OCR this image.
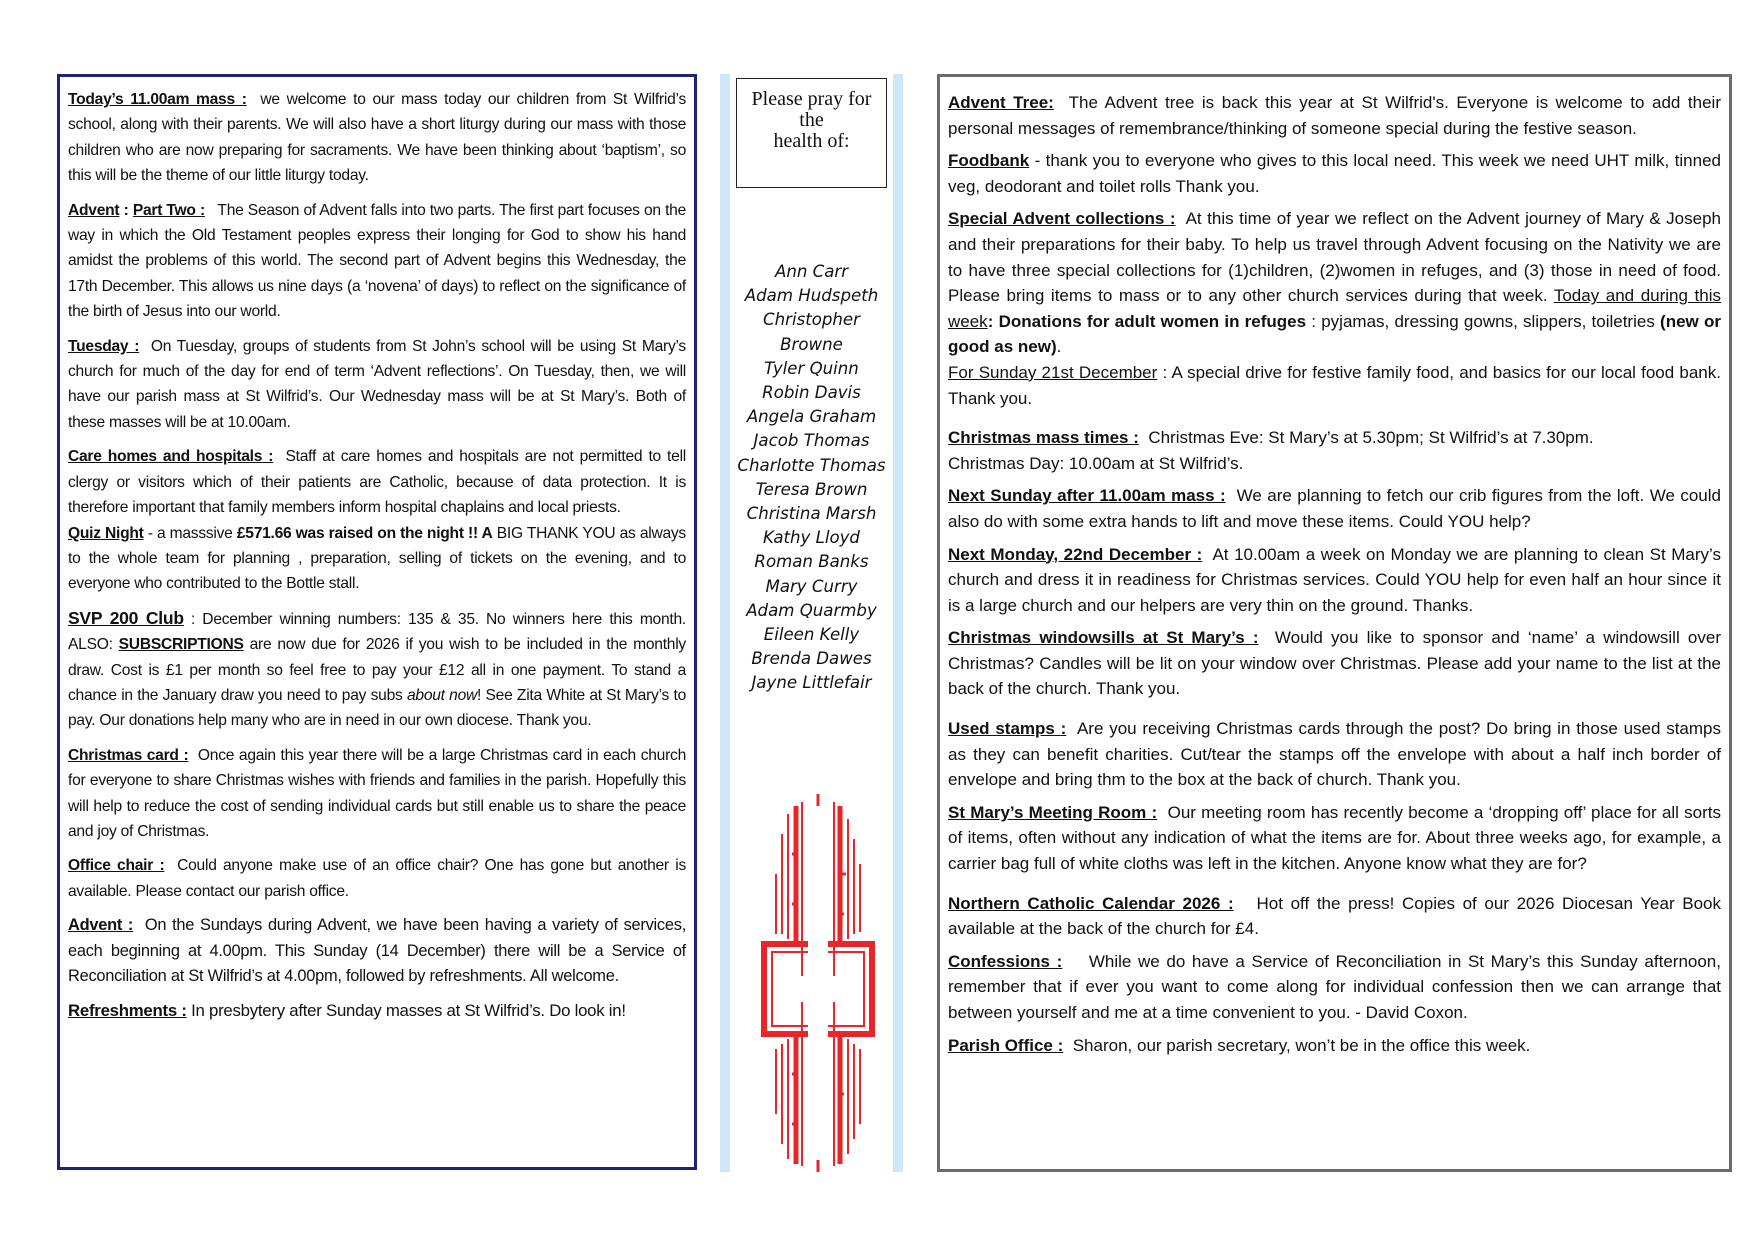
Today’s 11.00am mass : we welcome to our mass today our children from St Wilfrid’s school, along with their parents. We will also have a short liturgy during our mass with those children who are now preparing for sacraments. We have been thinking about ‘baptism’, so this will be the theme of our little liturgy today.

Advent : Part Two : The Season of Advent falls into two parts. The first part focuses on the way in which the Old Testament peoples express their longing for God to show his hand amidst the problems of this world. The second part of Advent begins this Wednesday, the 17th December. This allows us nine days (a ‘novena’ of days) to reflect on the significance of the birth of Jesus into our world.

Tuesday : On Tuesday, groups of students from St John’s school will be using St Mary’s church for much of the day for end of term ‘Advent reflections’. On Tuesday, then, we will have our parish mass at St Wilfrid’s. Our Wednesday mass will be at St Mary’s. Both of these masses will be at 10.00am.

Care homes and hospitals : Staff at care homes and hospitals are not permitted to tell clergy or visitors which of their patients are Catholic, because of data protection. It is therefore important that family members inform hospital chaplains and local priests.

Quiz Night - a masssive £571.66 was raised on the night !! A BIG THANK YOU as always to the whole team for planning , preparation, selling of tickets on the evening, and to everyone who contributed to the Bottle stall.

SVP 200 Club : December winning numbers: 135 & 35. No winners here this month. ALSO: SUBSCRIPTIONS are now due for 2026 if you wish to be included in the monthly draw. Cost is £1 per month so feel free to pay your £12 all in one payment. To stand a chance in the January draw you need to pay subs about now! See Zita White at St Mary’s to pay. Our donations help many who are in need in our own diocese. Thank you.

Christmas card : Once again this year there will be a large Christmas card in each church for everyone to share Christmas wishes with friends and families in the parish. Hopefully this will help to reduce the cost of sending individual cards but still enable us to share the peace and joy of Christmas.

Office chair : Could anyone make use of an office chair? One has gone but another is available. Please contact our parish office.

Advent : On the Sundays during Advent, we have been having a variety of services, each beginning at 4.00pm. This Sunday (14 December) there will be a Service of Reconciliation at St Wilfrid’s at 4.00pm, followed by refreshments. All welcome.

Refreshments : In presbytery after Sunday masses at St Wilfrid’s. Do look in!

Please pray for
the
health of:
Ann Carr
Adam Hudspeth
Christopher
Browne
Tyler Quinn
Robin Davis
Angela Graham
Jacob Thomas
Charlotte Thomas
Teresa Brown
Christina Marsh
Kathy Lloyd
Roman Banks
Mary Curry
Adam Quarmby
Eileen Kelly
Brenda Dawes
Jayne Littlefair

Advent Tree: The Advent tree is back this year at St Wilfrid's. Everyone is welcome to add their personal messages of remembrance/thinking of someone special during the festive season.

Foodbank - thank you to everyone who gives to this local need. This week we need UHT milk, tinned veg, deodorant and toilet rolls Thank you.

Special Advent collections : At this time of year we reflect on the Advent journey of Mary & Joseph and their preparations for their baby. To help us travel through Advent focusing on the Nativity we are to have three special collections for (1)children, (2)women in refuges, and (3) those in need of food. Please bring items to mass or to any other church services during that week. Today and during this week: Donations for adult women in refuges : pyjamas, dressing gowns, slippers, toiletries (new or good as new).

For Sunday 21st December : A special drive for festive family food, and basics for our local food bank. Thank you.

Christmas mass times : Christmas Eve: St Mary’s at 5.30pm; St Wilfrid’s at 7.30pm.
Christmas Day: 10.00am at St Wilfrid’s.

Next Sunday after 11.00am mass : We are planning to fetch our crib figures from the loft. We could also do with some extra hands to lift and move these items. Could YOU help?

Next Monday, 22nd December : At 10.00am a week on Monday we are planning to clean St Mary’s church and dress it in readiness for Christmas services. Could YOU help for even half an hour since it is a large church and our helpers are very thin on the ground. Thanks.

Christmas windowsills at St Mary’s : Would you like to sponsor and ‘name’ a windowsill over Christmas? Candles will be lit on your window over Christmas. Please add your name to the list at the back of the church. Thank you.

Used stamps : Are you receiving Christmas cards through the post? Do bring in those used stamps as they can benefit charities. Cut/tear the stamps off the envelope with about a half inch border of envelope and bring thm to the box at the back of church. Thank you.

St Mary’s Meeting Room : Our meeting room has recently become a ‘dropping off’ place for all sorts of items, often without any indication of what the items are for. About three weeks ago, for example, a carrier bag full of white cloths was left in the kitchen. Anyone know what they are for?

Northern Catholic Calendar 2026 : Hot off the press! Copies of our 2026 Diocesan Year Book available at the back of the church for £4.

Confessions : While we do have a Service of Reconciliation in St Mary’s this Sunday afternoon, remember that if ever you want to come along for individual confession then we can arrange that between yourself and me at a time convenient to you. - David Coxon.

Parish Office : Sharon, our parish secretary, won’t be in the office this week.
